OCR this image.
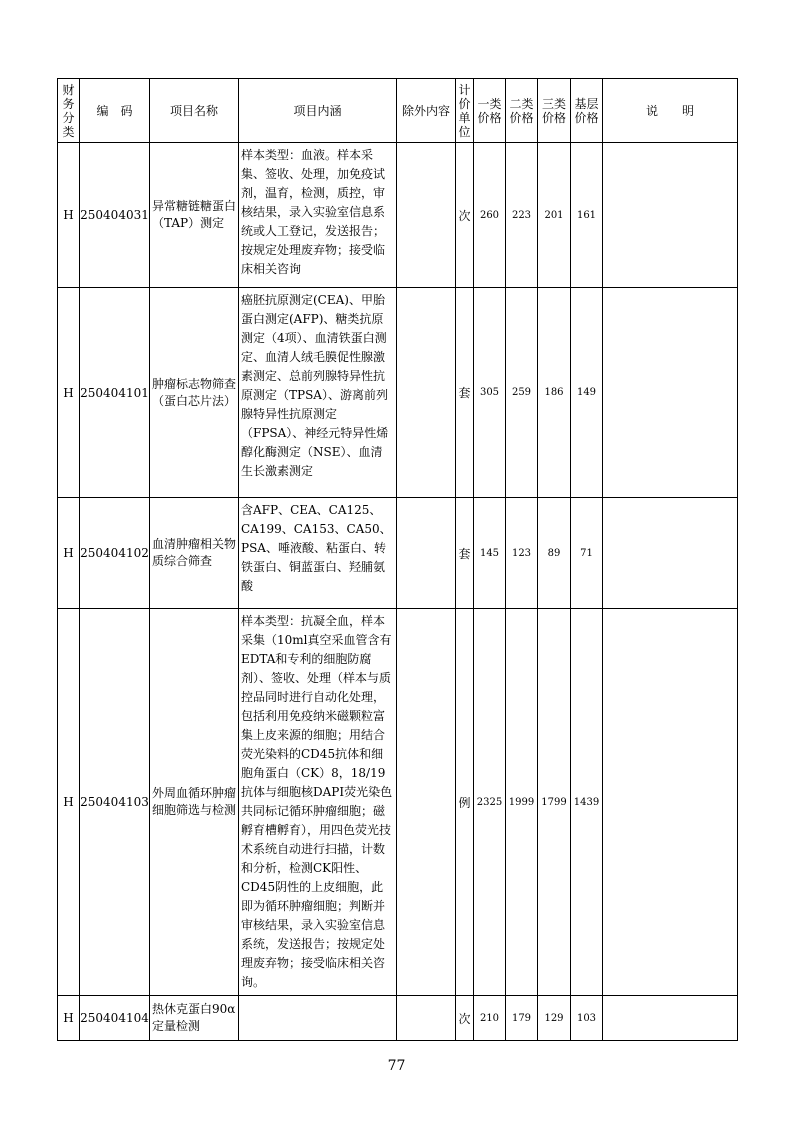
财务分类	编　码	项目名称	项目内涵	除外内容	计价单位	一类价格	二类价格	三类价格	基层价格	说　　明
H	250404031	异常糖链糖蛋白（TAP）测定	样本类型：血液。样本采集、签收、处理，加免疫试剂，温育，检测，质控，审核结果，录入实验室信息系统或人工登记，发送报告；按规定处理废弃物；接受临床相关咨询		次	260	223	201	161	
H	250404101	肿瘤标志物筛查（蛋白芯片法）	癌胚抗原测定(CEA)、甲胎蛋白测定(AFP)、糖类抗原测定（4项）、血清铁蛋白测定、血清人绒毛膜促性腺激素测定、总前列腺特异性抗原测定（TPSA）、游离前列腺特异性抗原测定（FPSA）、神经元特异性烯醇化酶测定（NSE）、血清生长激素测定		套	305	259	186	149	
H	250404102	血清肿瘤相关物质综合筛查	含AFP、CEA、CA125、CA199、CA153、CA50、PSA、唾液酸、粘蛋白、转铁蛋白、铜蓝蛋白、羟脯氨酸		套	145	123	89	71	
H	250404103	外周血循环肿瘤细胞筛选与检测	样本类型：抗凝全血，样本采集（10ml真空采血管含有EDTA和专利的细胞防腐剂）、签收、处理（样本与质控品同时进行自动化处理，包括利用免疫纳米磁颗粒富集上皮来源的细胞；用结合荧光染料的CD45抗体和细胞角蛋白（CK）8，18/19抗体与细胞核DAPI荧光染色共同标记循环肿瘤细胞；磁孵育槽孵育），用四色荧光技术系统自动进行扫描，计数和分析，检测CK阳性、CD45阴性的上皮细胞，此即为循环肿瘤细胞；判断并审核结果，录入实验室信息系统，发送报告；按规定处理废弃物；接受临床相关咨询。		例	2325	1999	1799	1439	
H	250404104	热休克蛋白90α定量检测			次	210	179	129	103	
77
